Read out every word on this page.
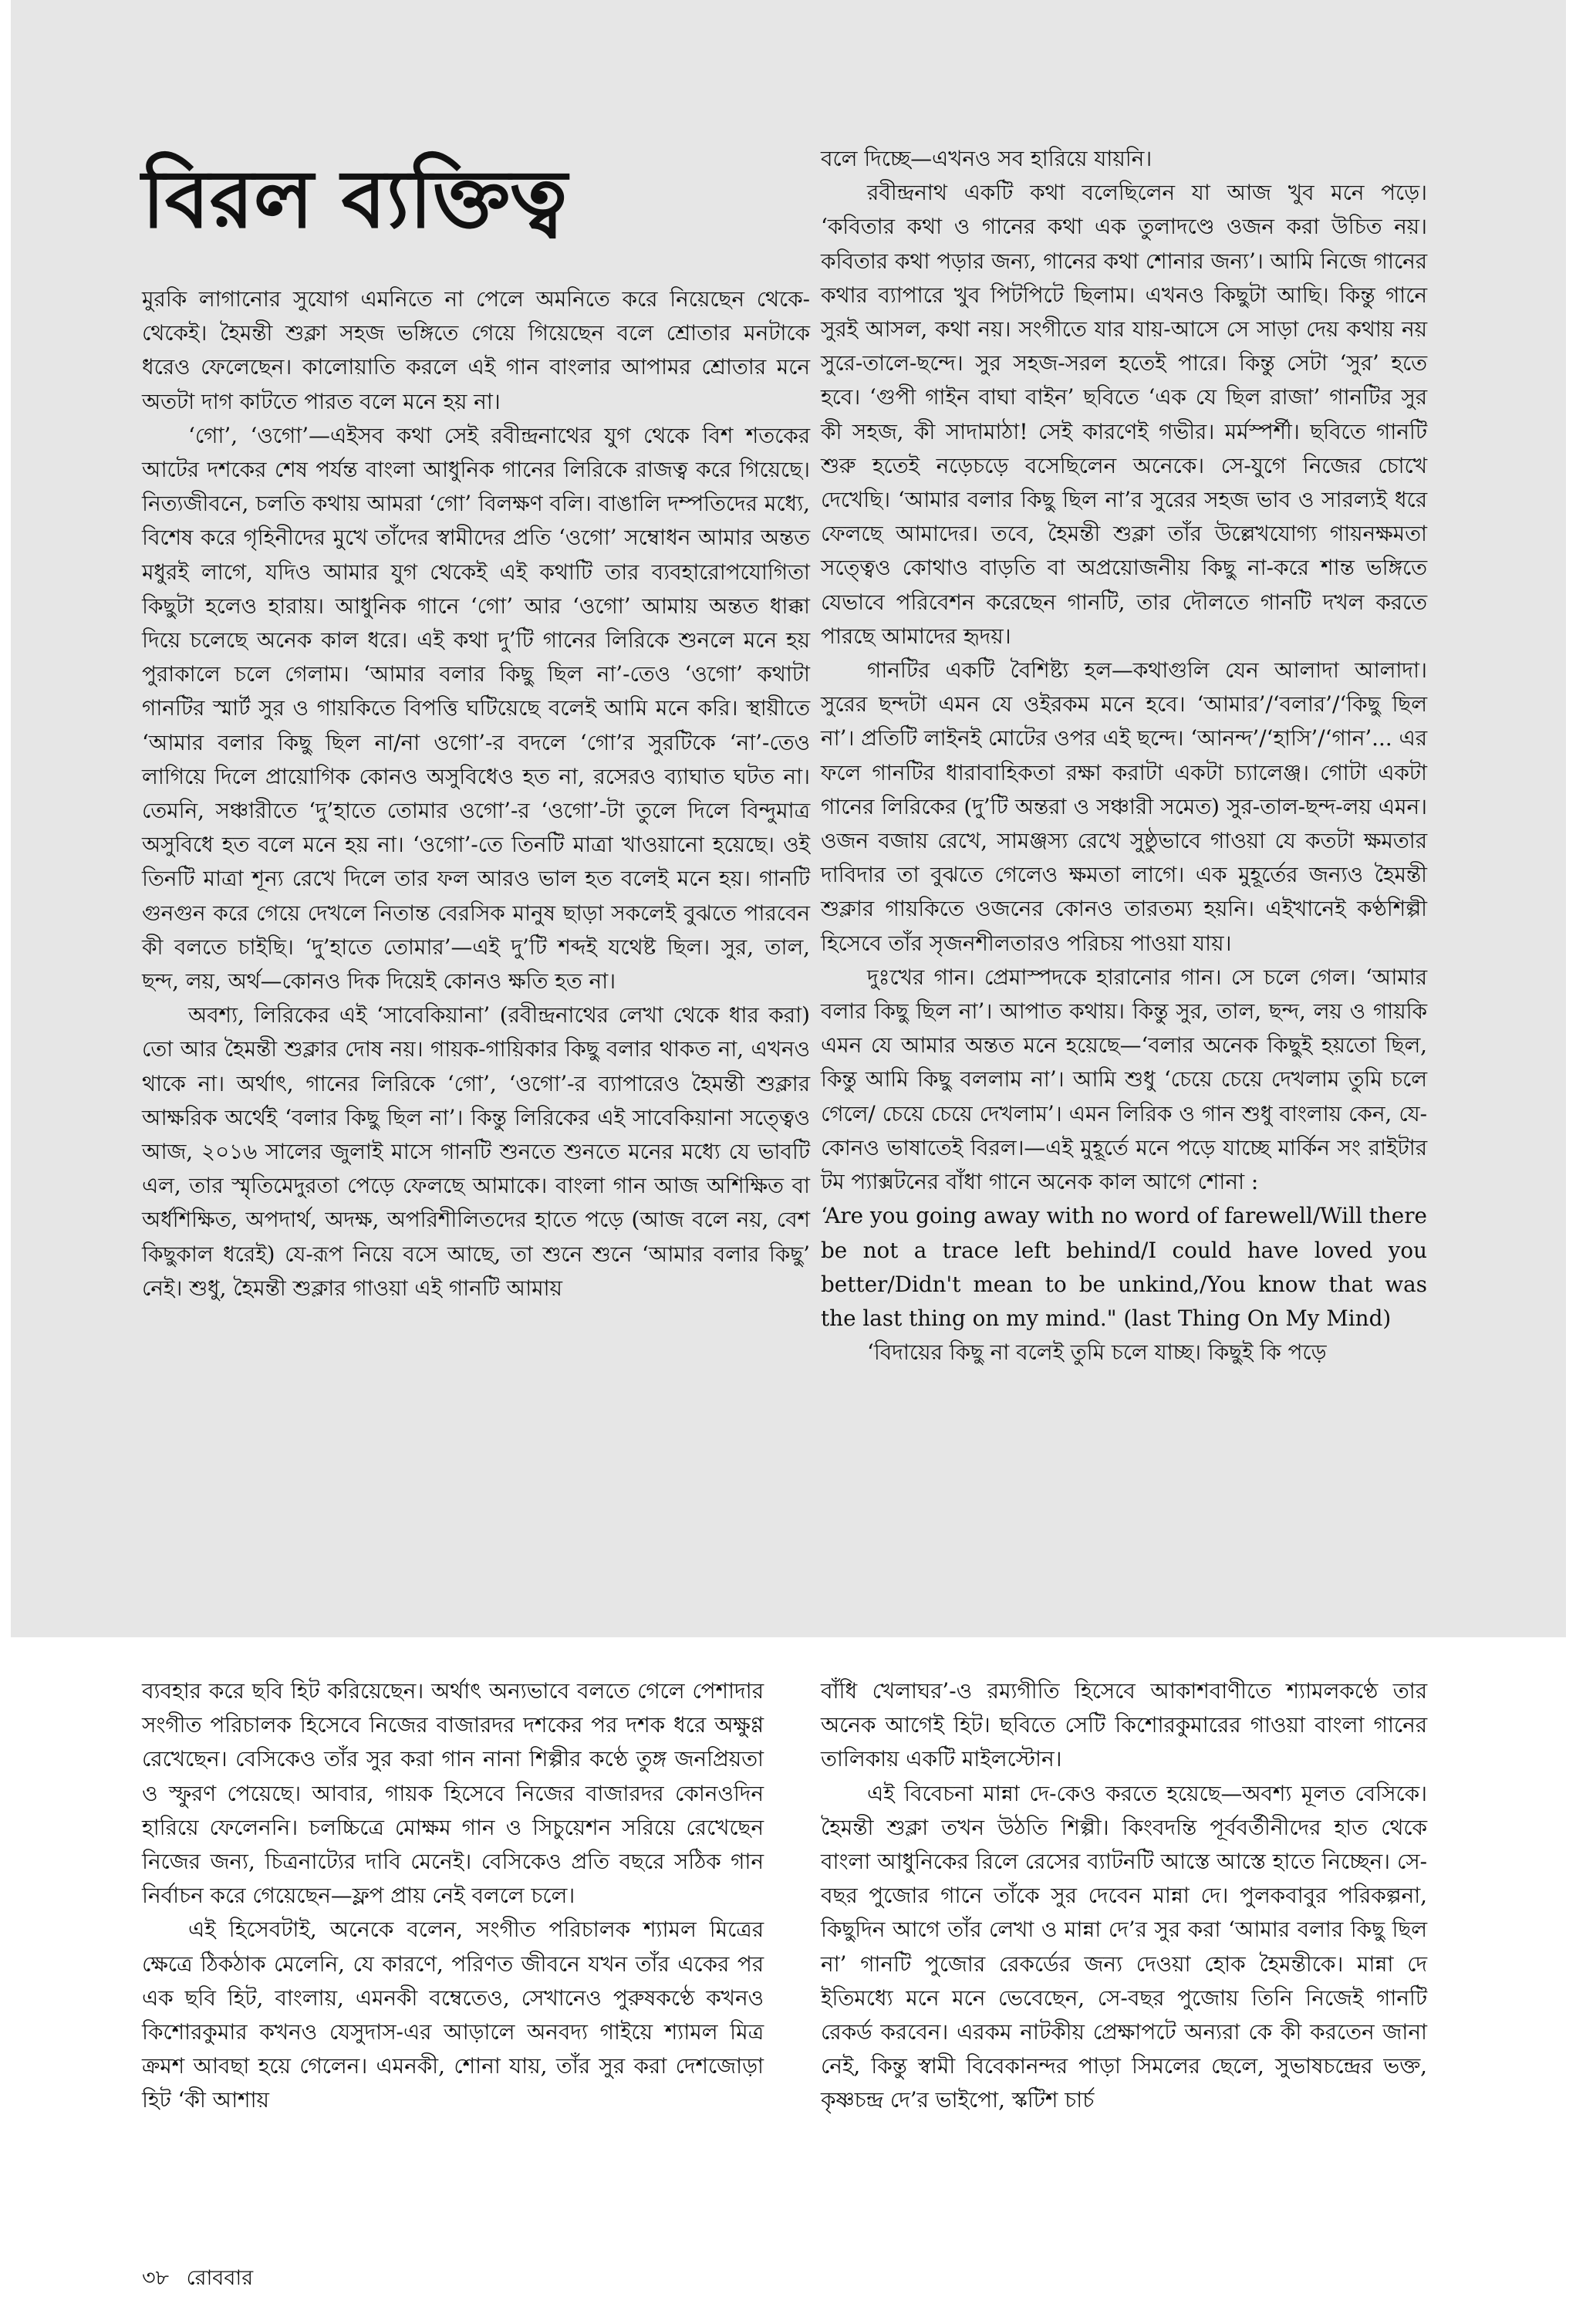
বিরল ব্যক্তিত্ব

মুরকি লাগানোর সুযোগ এমনিতে না পেলে অমনিতে করে নিয়েছেন থেকে-থেকেই। হৈমন্তী শুক্লা সহজ ভঙ্গিতে গেয়ে গিয়েছেন বলে শ্রোতার মনটাকে ধরেও ফেলেছেন। কালোয়াতি করলে এই গান বাংলার আপামর শ্রোতার মনে অতটা দাগ কাটতে পারত বলে মনে হয় না।

‘গো’, ‘ওগো’—এইসব কথা সেই রবীন্দ্রনাথের যুগ থেকে বিশ শতকের আটের দশকের শেষ পর্যন্ত বাংলা আধুনিক গানের লিরিকে রাজত্ব করে গিয়েছে। নিত্যজীবনে, চলতি কথায় আমরা ‘গো’ বিলক্ষণ বলি। বাঙালি দম্পতিদের মধ্যে, বিশেষ করে গৃহিনীদের মুখে তাঁদের স্বামীদের প্রতি ‘ওগো’ সম্বোধন আমার অন্তত মধুরই লাগে, যদিও আমার যুগ থেকেই এই কথাটি তার ব্যবহারোপযোগিতা কিছুটা হলেও হারায়। আধুনিক গানে ‘গো’ আর ‘ওগো’ আমায় অন্তত ধাক্কা দিয়ে চলেছে অনেক কাল ধরে। এই কথা দু’টি গানের লিরিকে শুনলে মনে হয় পুরাকালে চলে গেলাম। ‘আমার বলার কিছু ছিল না’-তেও ‘ওগো’ কথাটা গানটির স্মার্ট সুর ও গায়কিতে বিপত্তি ঘটিয়েছে বলেই আমি মনে করি। স্থায়ীতে ‘আমার বলার কিছু ছিল না/না ওগো’-র বদলে ‘গো’র সুরটিকে ‘না’-তেও লাগিয়ে দিলে প্রায়োগিক কোনও অসুবিধেও হত না, রসেরও ব্যাঘাত ঘটত না। তেমনি, সঞ্চারীতে ‘দু’হাতে তোমার ওগো’-র ‘ওগো’-টা তুলে দিলে বিন্দুমাত্র অসুবিধে হত বলে মনে হয় না। ‘ওগো’-তে তিনটি মাত্রা খাওয়ানো হয়েছে। ওই তিনটি মাত্রা শূন্য রেখে দিলে তার ফল আরও ভাল হত বলেই মনে হয়। গানটি গুনগুন করে গেয়ে দেখলে নিতান্ত বেরসিক মানুষ ছাড়া সকলেই বুঝতে পারবেন কী বলতে চাইছি। ‘দু’হাতে তোমার’—এই দু’টি শব্দই যথেষ্ট ছিল। সুর, তাল, ছন্দ, লয়, অর্থ—কোনও দিক দিয়েই কোনও ক্ষতি হত না।

অবশ্য, লিরিকের এই ‘সাবেকিয়ানা’ (রবীন্দ্রনাথের লেখা থেকে ধার করা) তো আর হৈমন্তী শুক্লার দোষ নয়। গায়ক-গায়িকার কিছু বলার থাকত না, এখনও থাকে না। অর্থাৎ, গানের লিরিকে ‘গো’, ‘ওগো’-র ব্যাপারেও হৈমন্তী শুক্লার আক্ষরিক অর্থেই ‘বলার কিছু ছিল না’। কিন্তু লিরিকের এই সাবেকিয়ানা সত্ত্বেও আজ, ২০১৬ সালের জুলাই মাসে গানটি শুনতে শুনতে মনের মধ্যে যে ভাবটি এল, তার স্মৃতিমেদুরতা পেড়ে ফেলছে আমাকে। বাংলা গান আজ অশিক্ষিত বা অর্ধশিক্ষিত, অপদার্থ, অদক্ষ, অপরিশীলিতদের হাতে পড়ে (আজ বলে নয়, বেশ কিছুকাল ধরেই) যে-রূপ নিয়ে বসে আছে, তা শুনে শুনে ‘আমার বলার কিছু’ নেই। শুধু, হৈমন্তী শুক্লার গাওয়া এই গানটি আমায়

বলে দিচ্ছে—এখনও সব হারিয়ে যায়নি।

রবীন্দ্রনাথ একটি কথা বলেছিলেন যা আজ খুব মনে পড়ে। ‘কবিতার কথা ও গানের কথা এক তুলাদণ্ডে ওজন করা উচিত নয়। কবিতার কথা পড়ার জন্য, গানের কথা শোনার জন্য’। আমি নিজে গানের কথার ব্যাপারে খুব পিটপিটে ছিলাম। এখনও কিছুটা আছি। কিন্তু গানে সুরই আসল, কথা নয়। সংগীতে যার যায়-আসে সে সাড়া দেয় কথায় নয় সুরে-তালে-ছন্দে। সুর সহজ-সরল হতেই পারে। কিন্তু সেটা ‘সুর’ হতে হবে। ‘গুপী গাইন বাঘা বাইন’ ছবিতে ‘এক যে ছিল রাজা’ গানটির সুর কী সহজ, কী সাদামাঠা! সেই কারণেই গভীর। মর্মস্পর্শী। ছবিতে গানটি শুরু হতেই নড়েচড়ে বসেছিলেন অনেকে। সে-যুগে নিজের চোখে দেখেছি। ‘আমার বলার কিছু ছিল না’র সুরের সহজ ভাব ও সারল্যই ধরে ফেলছে আমাদের। তবে, হৈমন্তী শুক্লা তাঁর উল্লেখযোগ্য গায়নক্ষমতা সত্ত্বেও কোথাও বাড়তি বা অপ্রয়োজনীয় কিছু না-করে শান্ত ভঙ্গিতে যেভাবে পরিবেশন করেছেন গানটি, তার দৌলতে গানটি দখল করতে পারছে আমাদের হৃদয়।

গানটির একটি বৈশিষ্ট্য হল—কথাগুলি যেন আলাদা আলাদা। সুরের ছন্দটা এমন যে ওইরকম মনে হবে। ‘আমার’/‘বলার’/‘কিছু ছিল না’। প্রতিটি লাইনই মোটের ওপর এই ছন্দে। ‘আনন্দ’/‘হাসি’/‘গান’... এর ফলে গানটির ধারাবাহিকতা রক্ষা করাটা একটা চ্যালেঞ্জ। গোটা একটা গানের লিরিকের (দু’টি অন্তরা ও সঞ্চারী সমেত) সুর-তাল-ছন্দ-লয় এমন। ওজন বজায় রেখে, সামঞ্জস্য রেখে সুষ্ঠুভাবে গাওয়া যে কতটা ক্ষমতার দাবিদার তা বুঝতে গেলেও ক্ষমতা লাগে। এক মুহূর্তের জন্যও হৈমন্তী শুক্লার গায়কিতে ওজনের কোনও তারতম্য হয়নি। এইখানেই কণ্ঠশিল্পী হিসেবে তাঁর সৃজনশীলতারও পরিচয় পাওয়া যায়।

দুঃখের গান। প্রেমাস্পদকে হারানোর গান। সে চলে গেল। ‘আমার বলার কিছু ছিল না’। আপাত কথায়। কিন্তু সুর, তাল, ছন্দ, লয় ও গায়কি এমন যে আমার অন্তত মনে হয়েছে—‘বলার অনেক কিছুই হয়তো ছিল, কিন্তু আমি কিছু বললাম না’। আমি শুধু ‘চেয়ে চেয়ে দেখলাম তুমি চলে গেলে/ চেয়ে চেয়ে দেখলাম’। এমন লিরিক ও গান শুধু বাংলায় কেন, যে-কোনও ভাষাতেই বিরল।—এই মুহূর্তে মনে পড়ে যাচ্ছে মার্কিন সং রাইটার টম প্যাক্সটনের বাঁধা গানে অনেক কাল আগে শোনা :

‘Are you going away with no word of farewell/Will there be not a trace left behind/I could have loved you better/Didn't mean to be unkind,/You know that was the last thing on my mind." (last Thing On My Mind)

‘বিদায়ের কিছু না বলেই তুমি চলে যাচ্ছ। কিছুই কি পড়ে

ব্যবহার করে ছবি হিট করিয়েছেন। অর্থাৎ অন্যভাবে বলতে গেলে পেশাদার সংগীত পরিচালক হিসেবে নিজের বাজারদর দশকের পর দশক ধরে অক্ষুণ্ণ রেখেছেন। বেসিকেও তাঁর সুর করা গান নানা শিল্পীর কণ্ঠে তুঙ্গ জনপ্রিয়তা ও স্ফুরণ পেয়েছে। আবার, গায়ক হিসেবে নিজের বাজারদর কোনওদিন হারিয়ে ফেলেননি। চলচ্চিত্রে মোক্ষম গান ও সিচুয়েশন সরিয়ে রেখেছেন নিজের জন্য, চিত্রনাট্যের দাবি মেনেই। বেসিকেও প্রতি বছরে সঠিক গান নির্বাচন করে গেয়েছেন—ফ্লপ প্রায় নেই বললে চলে।

এই হিসেবটাই, অনেকে বলেন, সংগীত পরিচালক শ্যামল মিত্রের ক্ষেত্রে ঠিকঠাক মেলেনি, যে কারণে, পরিণত জীবনে যখন তাঁর একের পর এক ছবি হিট, বাংলায়, এমনকী বম্বেতেও, সেখানেও পুরুষকণ্ঠে কখনও কিশোরকুমার কখনও যেসুদাস-এর আড়ালে অনবদ্য গাইয়ে শ্যামল মিত্র ক্রমশ আবছা হয়ে গেলেন। এমনকী, শোনা যায়, তাঁর সুর করা দেশজোড়া হিট ‘কী আশায়

বাঁধি খেলাঘর’-ও রম্যগীতি হিসেবে আকাশবাণীতে শ্যামলকণ্ঠে তার অনেক আগেই হিট। ছবিতে সেটি কিশোরকুমারের গাওয়া বাংলা গানের তালিকায় একটি মাইলস্টোন।

এই বিবেচনা মান্না দে-কেও করতে হয়েছে—অবশ্য মূলত বেসিকে। হৈমন্তী শুক্লা তখন উঠতি শিল্পী। কিংবদন্তি পূর্ববর্তীনীদের হাত থেকে বাংলা আধুনিকের রিলে রেসের ব্যাটনটি আস্তে আস্তে হাতে নিচ্ছেন। সে-বছর পুজোর গানে তাঁকে সুর দেবেন মান্না দে। পুলকবাবুর পরিকল্পনা, কিছুদিন আগে তাঁর লেখা ও মান্না দে’র সুর করা ‘আমার বলার কিছু ছিল না’ গানটি পুজোর রেকর্ডের জন্য দেওয়া হোক হৈমন্তীকে। মান্না দে ইতিমধ্যে মনে মনে ভেবেছেন, সে-বছর পুজোয় তিনি নিজেই গানটি রেকর্ড করবেন। এরকম নাটকীয় প্রেক্ষাপটে অন্যরা কে কী করতেন জানা নেই, কিন্তু স্বামী বিবেকানন্দর পাড়া সিমলের ছেলে, সুভাষচন্দ্রের ভক্ত, কৃষ্ণচন্দ্র দে’র ভাইপো, স্কটিশ চার্চ

৩৮ রোববার
